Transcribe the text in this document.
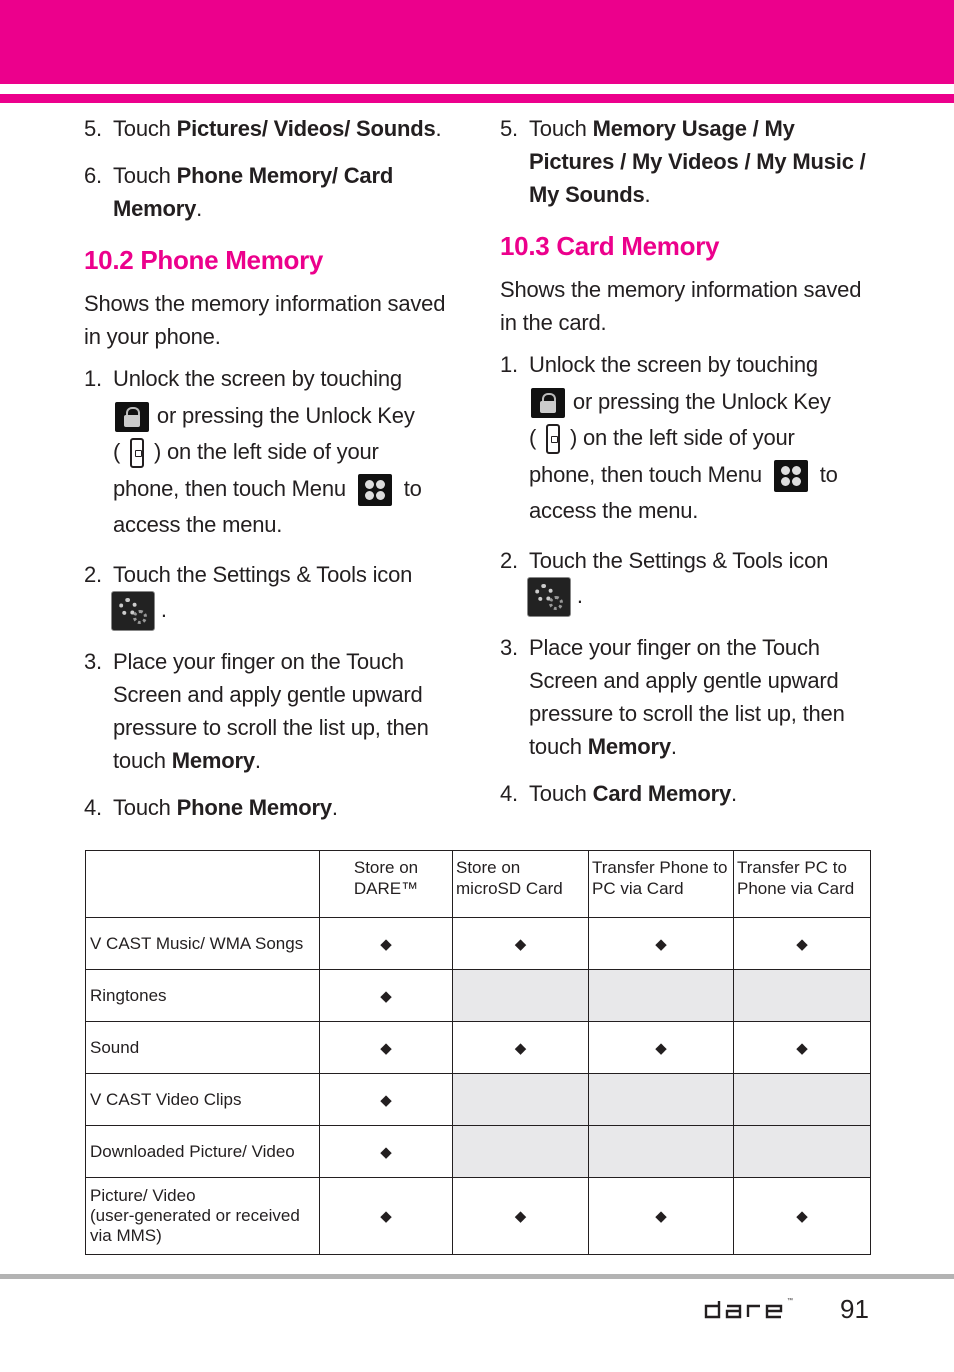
5. Touch Pictures/ Videos/ Sounds.
6. Touch Phone Memory/ Card Memory.
10.2 Phone Memory

Shows the memory information saved in your phone.

1. Unlock the screen by touching
or pressing the Unlock Key
(  ) on the left side of your
phone, then touch Menu
to
access the menu.
2. Touch the Settings & Tools icon
.
3. Place your finger on the Touch Screen and apply gentle upward pressure to scroll the list up, then touch Memory.
4. Touch Phone Memory.
5. Touch Memory Usage / My Pictures / My Videos / My Music / My Sounds.
10.3 Card Memory

Shows the memory information saved in the card.

1. Unlock the screen by touching
or pressing the Unlock Key
(  ) on the left side of your
phone, then touch Menu
to
access the menu.
2. Touch the Settings & Tools icon
.
3. Place your finger on the Touch Screen and apply gentle upward pressure to scroll the list up, then touch Memory.
4. Touch Card Memory.
	Store on DARE™	Store on microSD Card	Transfer Phone to PC via Card	Transfer PC to Phone via Card
V CAST Music/ WMA Songs	◆	◆	◆	◆
Ringtones	◆			
Sound	◆	◆	◆	◆
V CAST Video Clips	◆			
Downloaded Picture/ Video	◆			
Picture/ Video
(user-generated or received via MMS)	◆	◆	◆	◆
™ 91
